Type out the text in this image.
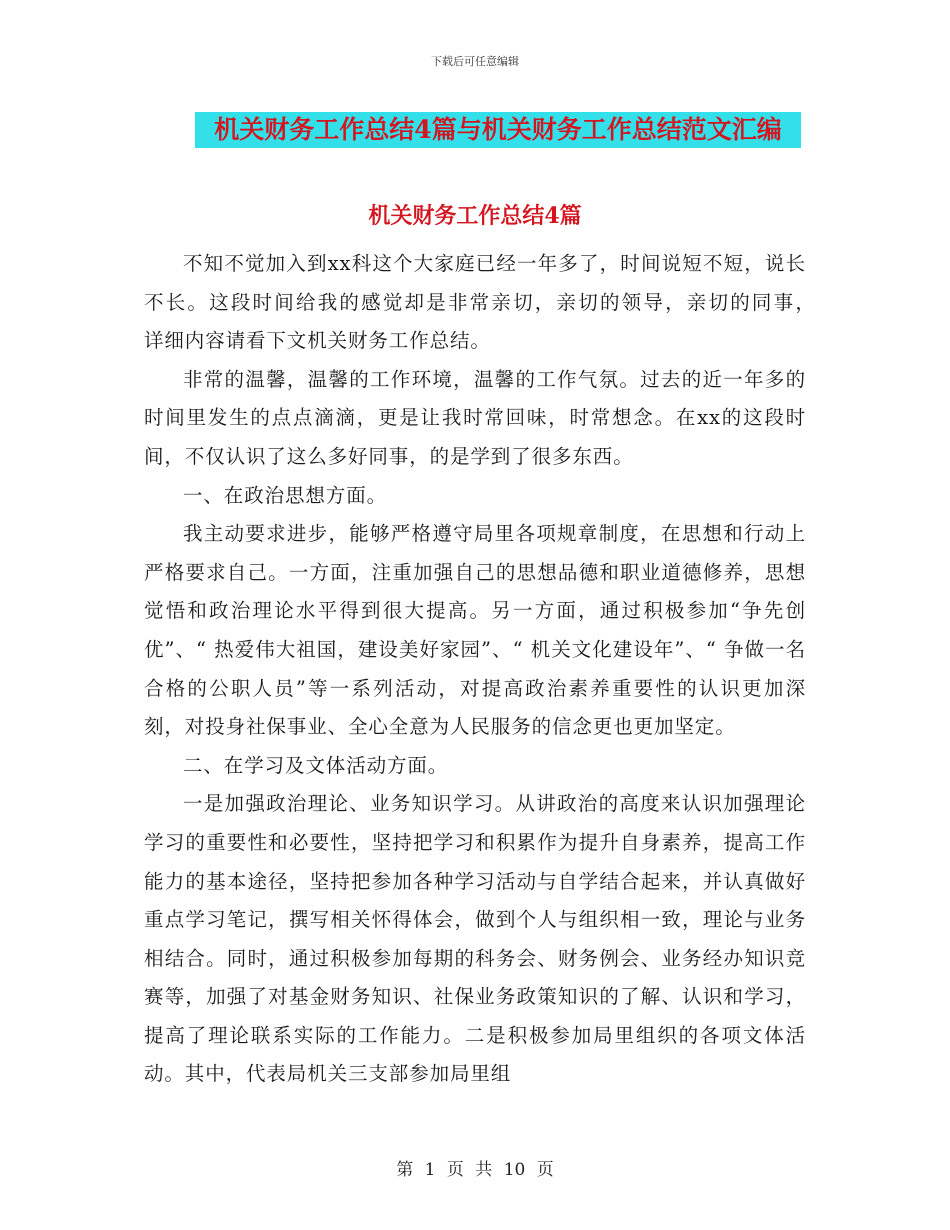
下载后可任意编辑
机关财务工作总结4篇与机关财务工作总结范文汇编
机关财务工作总结4篇

不知不觉加入到xx科这个大家庭已经一年多了，时间说短不短，说长不长。这段时间给我的感觉却是非常亲切，亲切的领导，亲切的同事，　详细内容请看下文机关财务工作总结。

非常的温馨，温馨的工作环境，温馨的工作气氛。过去的近一年多的时间里发生的点点滴滴，更是让我时常回味，时常想念。在xx的这段时间，不仅认识了这么多好同事，的是学到了很多东西。

一、在政治思想方面。

我主动要求进步，能够严格遵守局里各项规章制度，在思想和行动上严格要求自己。一方面，注重加强自己的思想品德和职业道德修养，思想觉悟和政治理论水平得到很大提高。另一方面，通过积极参加“争先创优”、“ 热爱伟大祖国，建设美好家园”、“ 机关文化建设年”、“ 争做一名合格的公职人员”等一系列活动，对提高政治素养重要性的认识更加深刻，对投身社保事业、全心全意为人民服务的信念更也更加坚定。

二、在学习及文体活动方面。

一是加强政治理论、业务知识学习。从讲政治的高度来认识加强理论学习的重要性和必要性，坚持把学习和积累作为提升自身素养，提高工作能力的基本途径，坚持把参加各种学习活动与自学结合起来，并认真做好重点学习笔记，撰写相关怀得体会，做到个人与组织相一致，理论与业务相结合。同时，通过积极参加每期的科务会、财务例会、业务经办知识竞赛等，加强了对基金财务知识、社保业务政策知识的了解、认识和学习，提高了理论联系实际的工作能力。二是积极参加局里组织的各项文体活动。其中，代表局机关三支部参加局里组

第 1 页 共 10 页
